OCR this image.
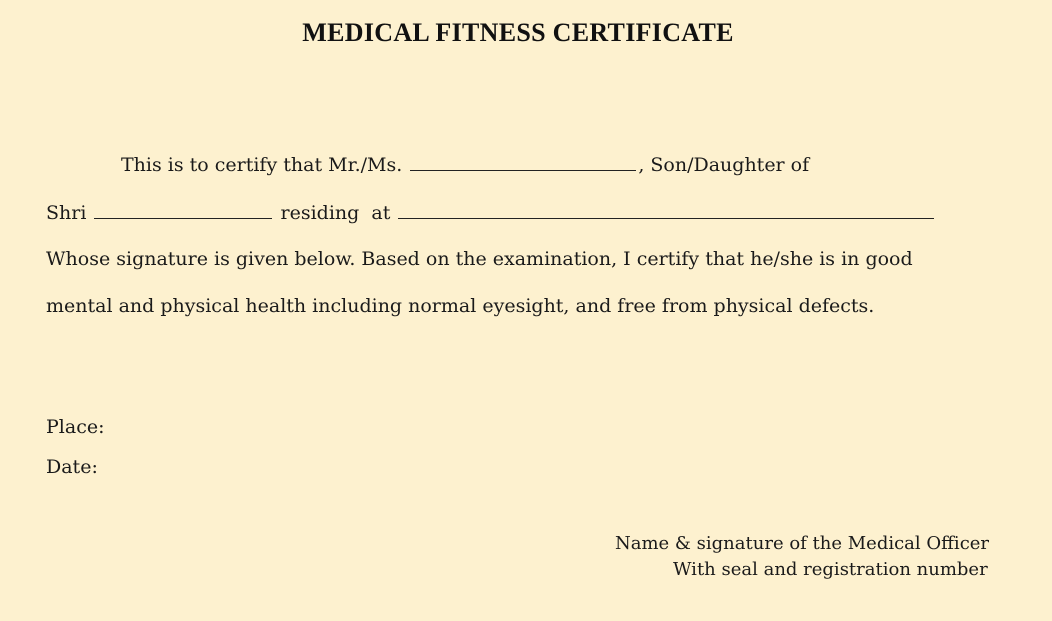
MEDICAL FITNESS CERTIFICATE
This is to certify that Mr./Ms.	, Son/Daughter of
Shri	residing  at
Whose signature is given below. Based on the examination, I certify that he/she is in good
mental and physical health including normal eyesight, and free from physical defects.
Place:
Date:
Name & signature of the Medical Officer
With seal and registration number
